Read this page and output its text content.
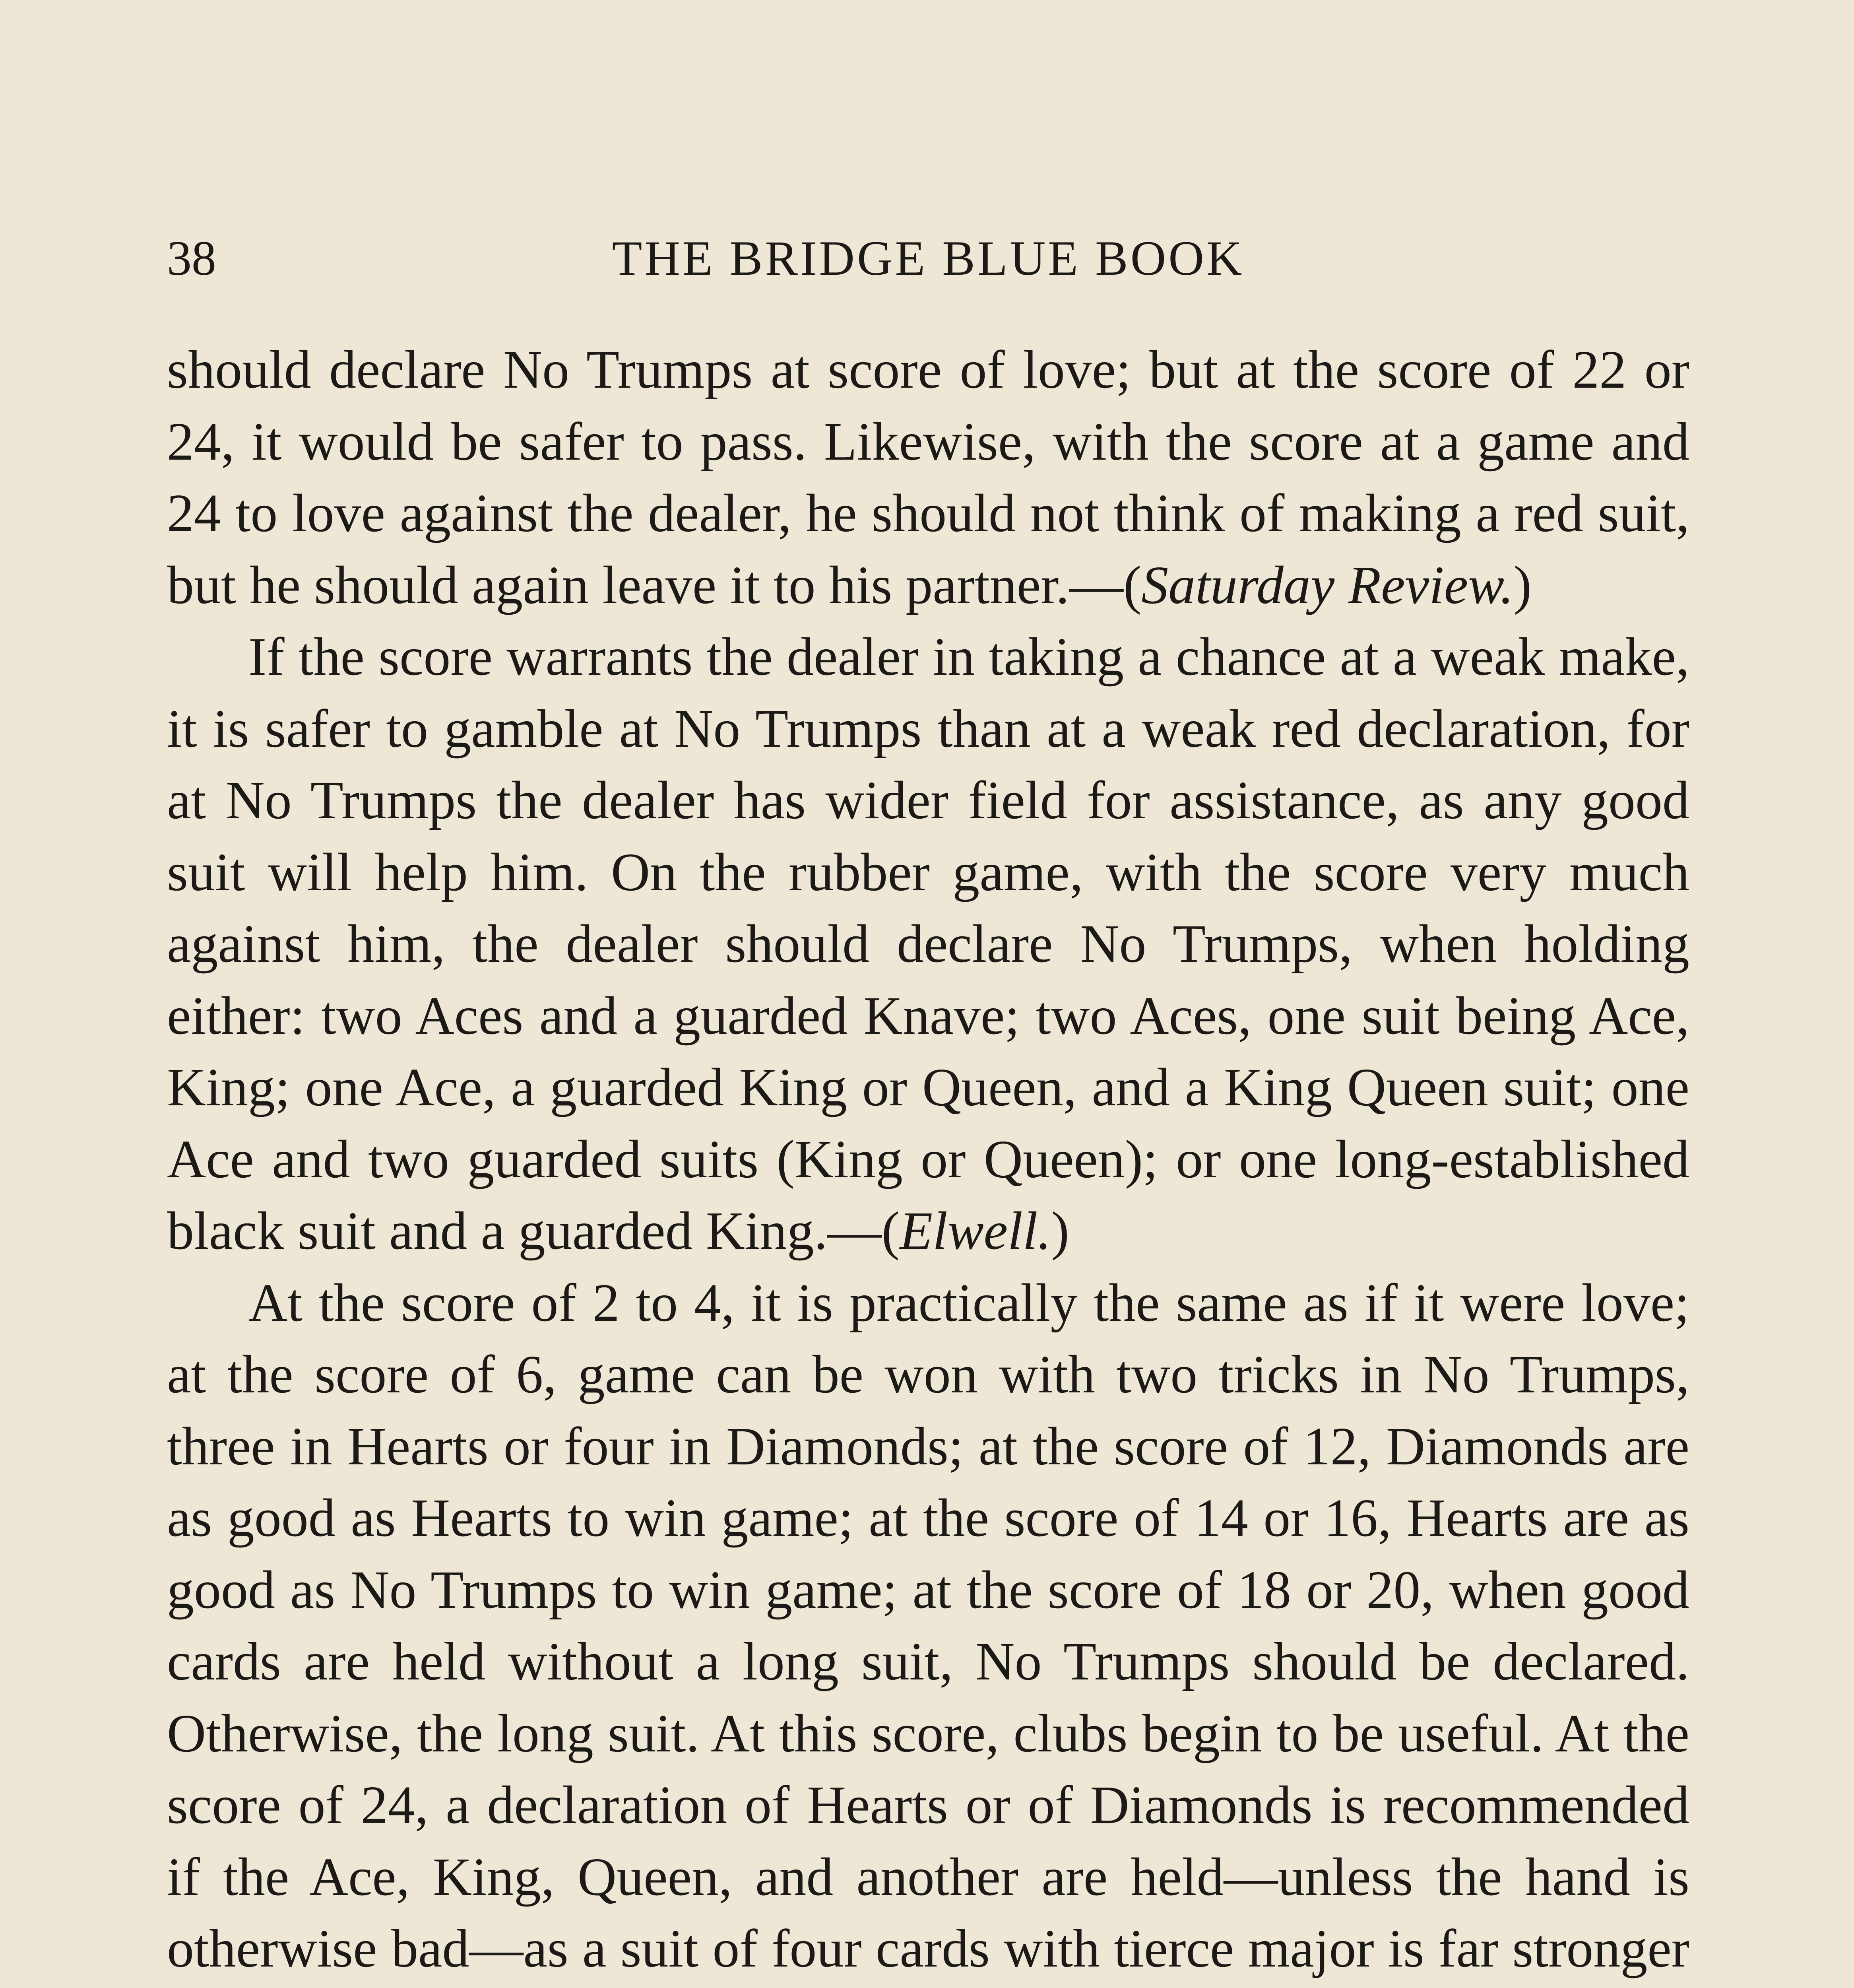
38	THE BRIDGE BLUE BOOK

should declare No Trumps at score of love; but at the score of 22 or 24, it would be safer to pass. Likewise, with the score at a game and 24 to love against the dealer, he should not think of making a red suit, but he should again leave it to his partner.—(Saturday Review.)

If the score warrants the dealer in taking a chance at a weak make, it is safer to gamble at No Trumps than at a weak red declaration, for at No Trumps the dealer has wider field for assistance, as any good suit will help him. On the rubber game, with the score very much against him, the dealer should declare No Trumps, when holding either: two Aces and a guarded Knave; two Aces, one suit being Ace, King; one Ace, a guarded King or Queen, and a King Queen suit; one Ace and two guarded suits (King or Queen); or one long-established black suit and a guarded King.—(Elwell.)

At the score of 2 to 4, it is practically the same as if it were love; at the score of 6, game can be won with two tricks in No Trumps, three in Hearts or four in Diamonds; at the score of 12, Diamonds are as good as Hearts to win game; at the score of 14 or 16, Hearts are as good as No Trumps to win game; at the score of 18 or 20, when good cards are held without a long suit, No Trumps should be declared. Otherwise, the long suit. At this score, clubs begin to be useful. At the score of 24, a declaration of Hearts or of Diamonds is recommended if the Ace, King, Queen, and another are held—unless the hand is otherwise bad—as a suit of four cards with tierce major is far stronger
